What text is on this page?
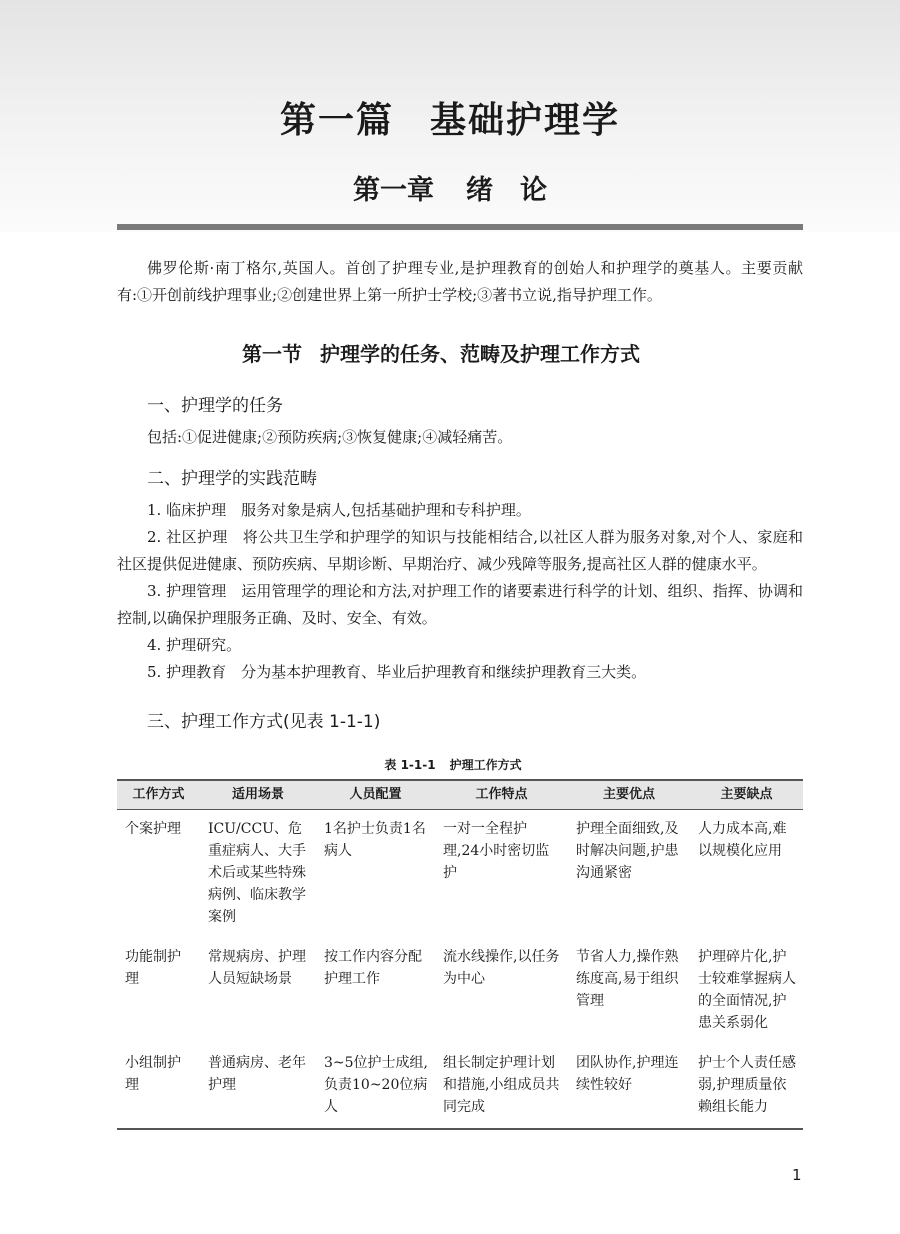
第一篇 基础护理学
第一章 绪　论

佛罗伦斯·南丁格尔,英国人。首创了护理专业,是护理教育的创始人和护理学的奠基人。主要贡献有:①开创前线护理事业;②创建世界上第一所护士学校;③著书立说,指导护理工作。

第一节 护理学的任务、范畴及护理工作方式
一、护理学的任务

包括:①促进健康;②预防疾病;③恢复健康;④减轻痛苦。

二、护理学的实践范畴

1. 临床护理　服务对象是病人,包括基础护理和专科护理。

2. 社区护理　将公共卫生学和护理学的知识与技能相结合,以社区人群为服务对象,对个人、家庭和社区提供促进健康、预防疾病、早期诊断、早期治疗、减少残障等服务,提高社区人群的健康水平。

3. 护理管理　运用管理学的理论和方法,对护理工作的诸要素进行科学的计划、组织、指挥、协调和控制,以确保护理服务正确、及时、安全、有效。

4. 护理研究。

5. 护理教育　分为基本护理教育、毕业后护理教育和继续护理教育三大类。

三、护理工作方式(见表 1-1-1)
表 1-1-1 护理工作方式
工作方式	适用场景	人员配置	工作特点	主要优点	主要缺点
个案护理	ICU/CCU、危重症病人、大手术后或某些特殊病例、临床教学案例	1名护士负责1名病人	一对一全程护理,24小时密切监护	护理全面细致,及时解决问题,护患沟通紧密	人力成本高,难以规模化应用
功能制护理	常规病房、护理人员短缺场景	按工作内容分配护理工作	流水线操作,以任务为中心	节省人力,操作熟练度高,易于组织管理	护理碎片化,护士较难掌握病人的全面情况,护患关系弱化
小组制护理	普通病房、老年护理	3~5位护士成组,负责10~20位病人	组长制定护理计划和措施,小组成员共同完成	团队协作,护理连续性较好	护士个人责任感弱,护理质量依赖组长能力
1
